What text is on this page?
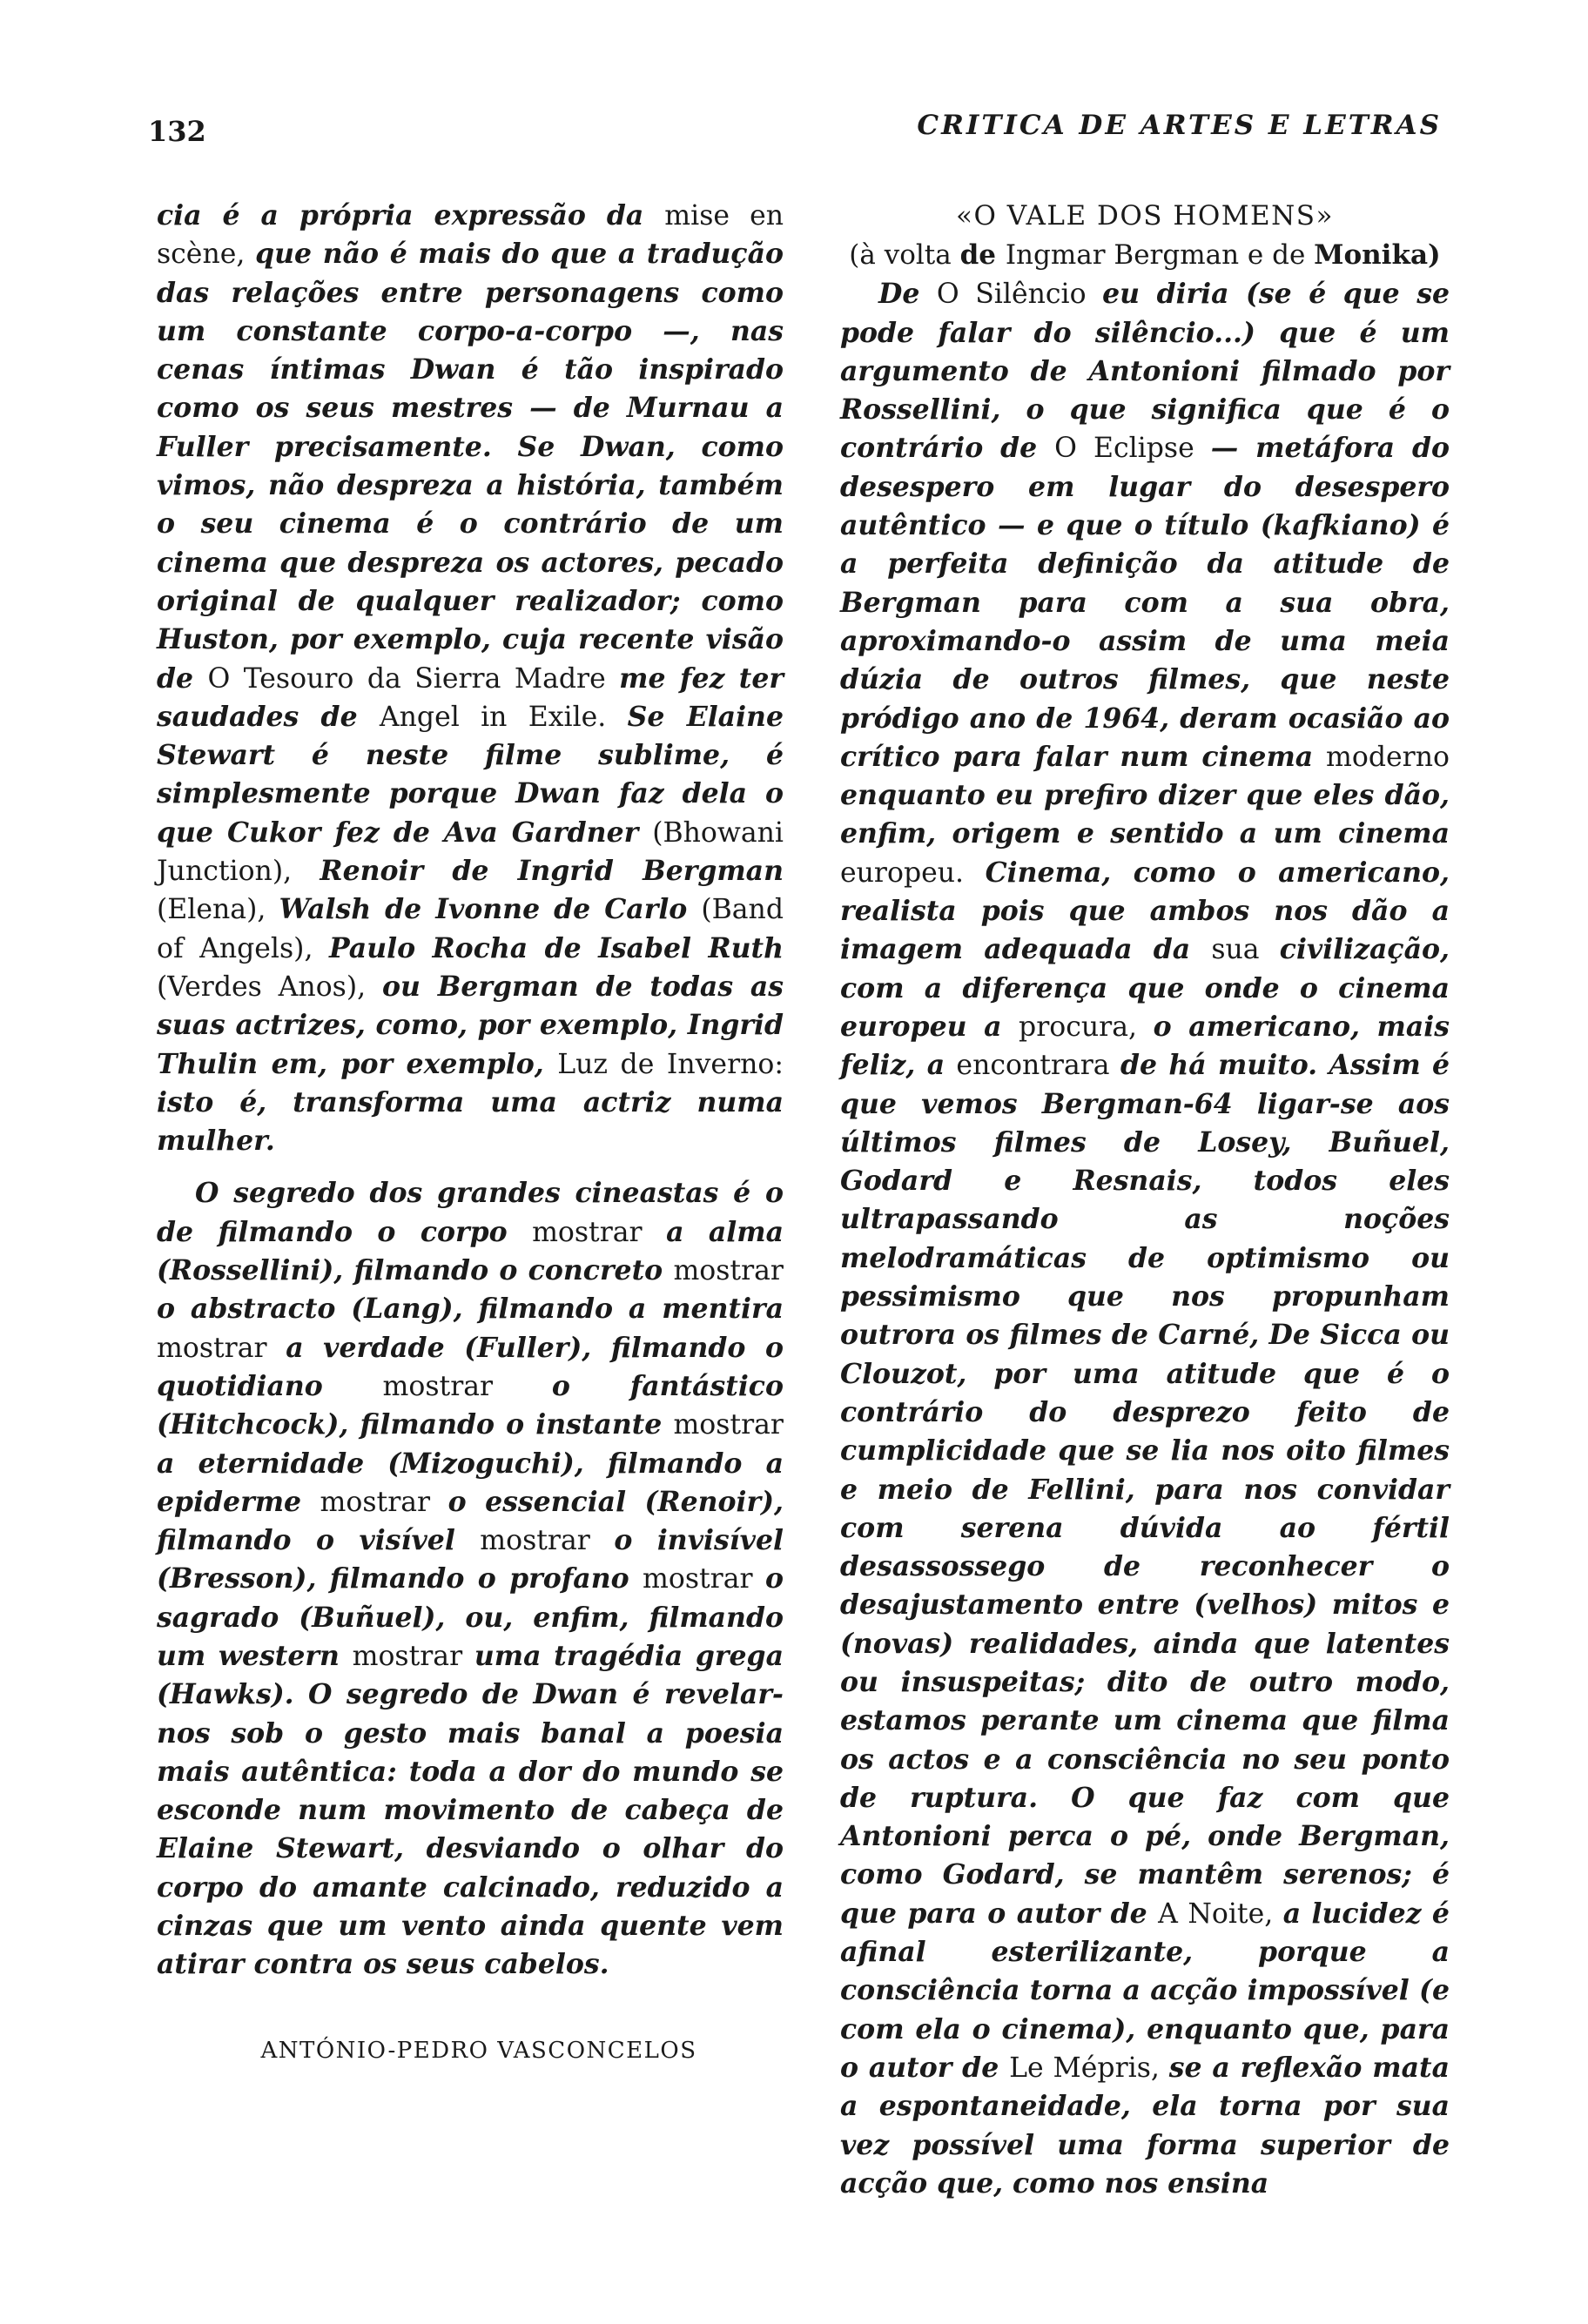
132	CRITICA DE ARTES E LETRAS

cia é a própria expressão da mise en scène, que não é mais do que a tradução das relações entre personagens como um constante corpo-a-corpo —, nas cenas íntimas Dwan é tão inspirado como os seus mestres — de Murnau a Fuller precisamente. Se Dwan, como vimos, não despreza a história, também o seu cinema é o contrário de um cinema que despreza os actores, pecado original de qualquer realizador; como Huston, por exemplo, cuja recente visão de O Tesouro da Sierra Madre me fez ter saudades de Angel in Exile. Se Elaine Stewart é neste filme sublime, é simplesmente porque Dwan faz dela o que Cukor fez de Ava Gardner (Bhowani Junction), Renoir de Ingrid Bergman (Elena), Walsh de Ivonne de Carlo (Band of Angels), Paulo Rocha de Isabel Ruth (Verdes Anos), ou Bergman de todas as suas actrizes, como, por exemplo, Ingrid Thulin em, por exemplo, Luz de Inverno: isto é, transforma uma actriz numa mulher.

O segredo dos grandes cineastas é o de filmando o corpo mostrar a alma (Rossellini), filmando o concreto mostrar o abstracto (Lang), filmando a mentira mostrar a verdade (Fuller), filmando o quotidiano mostrar o fantástico (Hitchcock), filmando o instante mostrar a eternidade (Mizoguchi), filmando a epiderme mostrar o essencial (Renoir), filmando o visível mostrar o invisível (Bresson), filmando o profano mostrar o sagrado (Buñuel), ou, enfim, filmando um western mostrar uma tragédia grega (Hawks). O segredo de Dwan é revelar-nos sob o gesto mais banal a poesia mais autêntica: toda a dor do mundo se esconde num movimento de cabeça de Elaine Stewart, desviando o olhar do corpo do amante calcinado, reduzido a cinzas que um vento ainda quente vem atirar contra os seus cabelos.

ANTÓNIO-PEDRO VASCONCELOS

«O VALE DOS HOMENS»

(à volta de Ingmar Bergman e de Monika)

De O Silêncio eu diria (se é que se pode falar do silêncio...) que é um argumento de Antonioni filmado por Rossellini, o que significa que é o contrário de O Eclipse — metáfora do desespero em lugar do desespero autêntico — e que o título (kafkiano) é a perfeita definição da atitude de Bergman para com a sua obra, aproximando-o assim de uma meia dúzia de outros filmes, que neste pródigo ano de 1964, deram ocasião ao crítico para falar num cinema moderno enquanto eu prefiro dizer que eles dão, enfim, origem e sentido a um cinema europeu. Cinema, como o americano, realista pois que ambos nos dão a imagem adequada da sua civilização, com a diferença que onde o cinema europeu a procura, o americano, mais feliz, a encontrara de há muito. Assim é que vemos Bergman-64 ligar-se aos últimos filmes de Losey, Buñuel, Godard e Resnais, todos eles ultrapassando as noções melodramáticas de optimismo ou pessimismo que nos propunham outrora os filmes de Carné, De Sicca ou Clouzot, por uma atitude que é o contrário do desprezo feito de cumplicidade que se lia nos oito filmes e meio de Fellini, para nos convidar com serena dúvida ao fértil desassossego de reconhecer o desajustamento entre (velhos) mitos e (novas) realidades, ainda que latentes ou insuspeitas; dito de outro modo, estamos perante um cinema que filma os actos e a consciência no seu ponto de ruptura. O que faz com que Antonioni perca o pé, onde Bergman, como Godard, se mantêm serenos; é que para o autor de A Noite, a lucidez é afinal esterilizante, porque a consciência torna a acção impossível (e com ela o cinema), enquanto que, para o autor de Le Mépris, se a reflexão mata a espontaneidade, ela torna por sua vez possível uma forma superior de acção que, como nos ensina
